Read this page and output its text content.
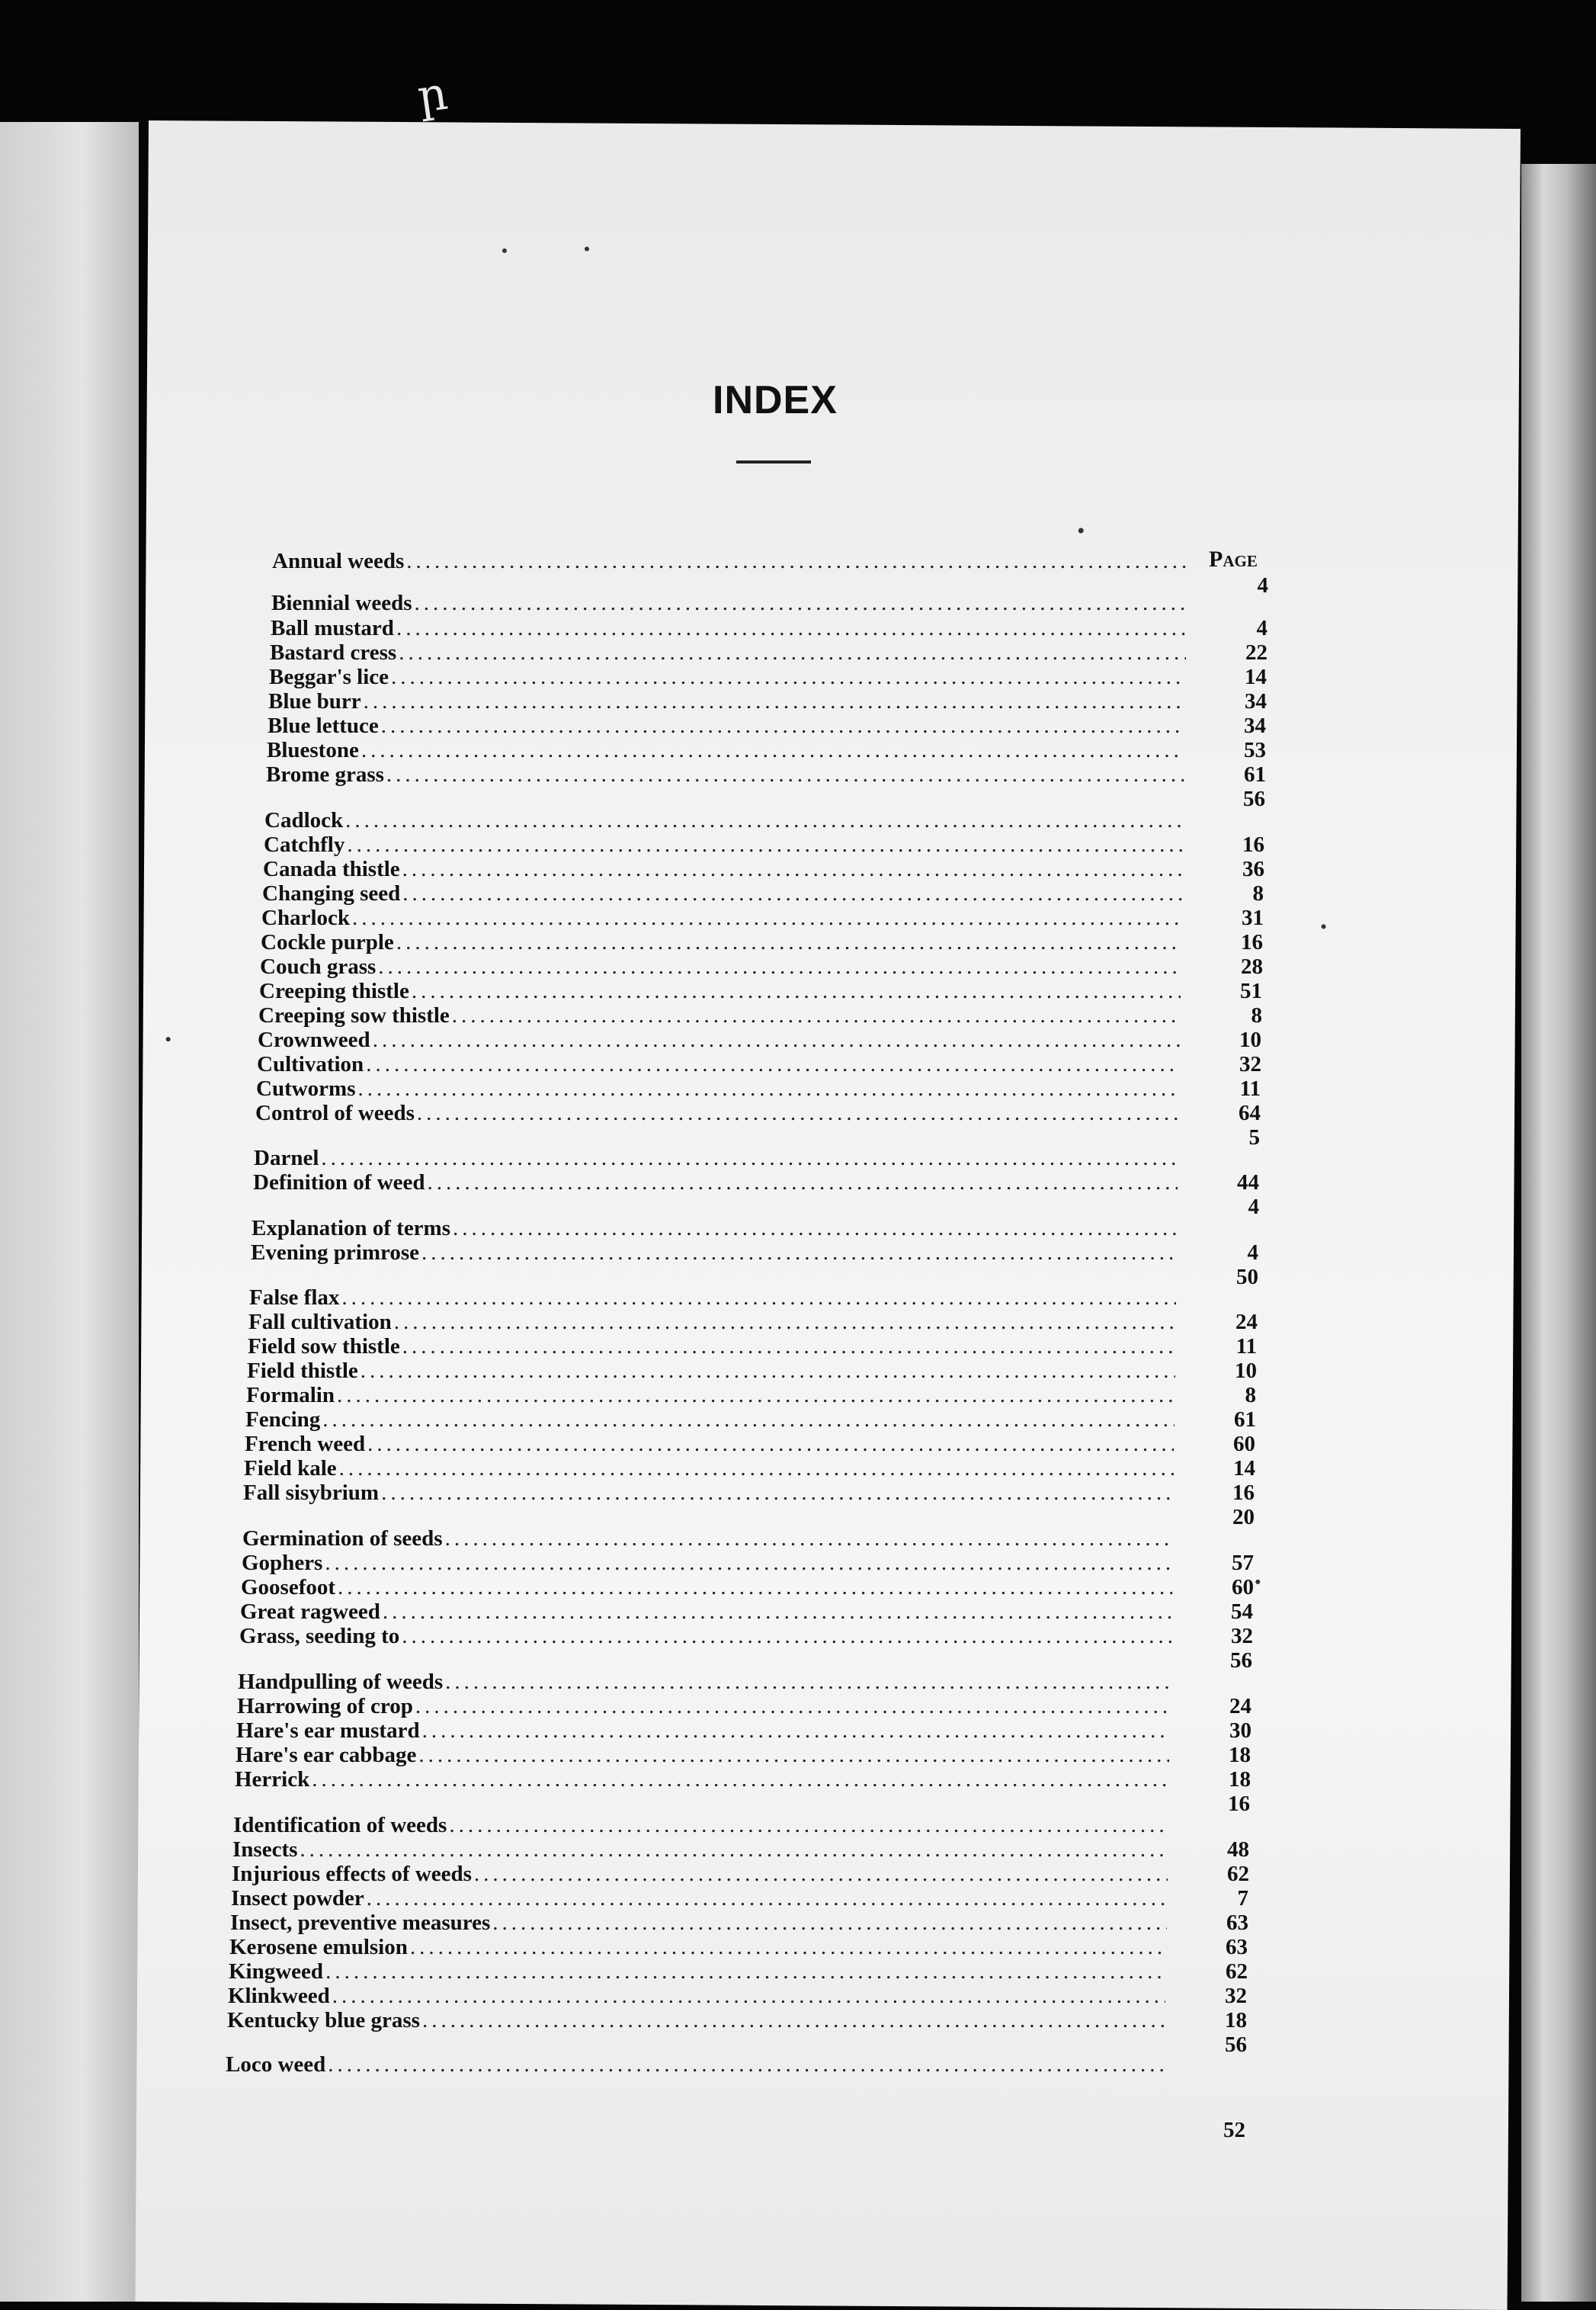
ր
INDEX
Page
Annual weeds
.....
4
Biennial weeds
.....
4
Ball mustard
.....
22
Bastard cress
.....
14
Beggar's lice
.....
34
Blue burr
.....
34
Blue lettuce
.....
53
Bluestone
.....
61
Brome grass
.....
56
Cadlock
.....
16
Catchfly
.....
36
Canada thistle
.....
8
Changing seed
.....
31
Charlock
.....
16
Cockle purple
.....
28
Couch grass
.....
51
Creeping thistle
.....
8
Creeping sow thistle
.....
10
Crownweed
.....
32
Cultivation
.....
11
Cutworms
.....
64
Control of weeds
.....
5
Darnel
.....
44
Definition of weed
.....
4
Explanation of terms
.....
4
Evening primrose
.....
50
False flax
.....
24
Fall cultivation
.....
11
Field sow thistle
.....
10
Field thistle
.....
8
Formalin
.....
61
Fencing
.....
60
French weed
.....
14
Field kale
.....
16
Fall sisybrium
.....
20
Germination of seeds
.....
57
Gophers
.....
60
Goosefoot
.....
54
Great ragweed
.....
32
Grass, seeding to
.....
56
Handpulling of weeds
.....
24
Harrowing of crop
.....
30
Hare's ear mustard
.....
18
Hare's ear cabbage
.....
18
Herrick
.....
16
Identification of weeds
.....
48
Insects
.....
62
Injurious effects of weeds
.....
7
Insect powder
.....
63
Insect, preventive measures
.....
63
Kerosene emulsion
.....
62
Kingweed
.....
32
Klinkweed
.....
18
Kentucky blue grass
.....
56
Loco weed
.....
52
